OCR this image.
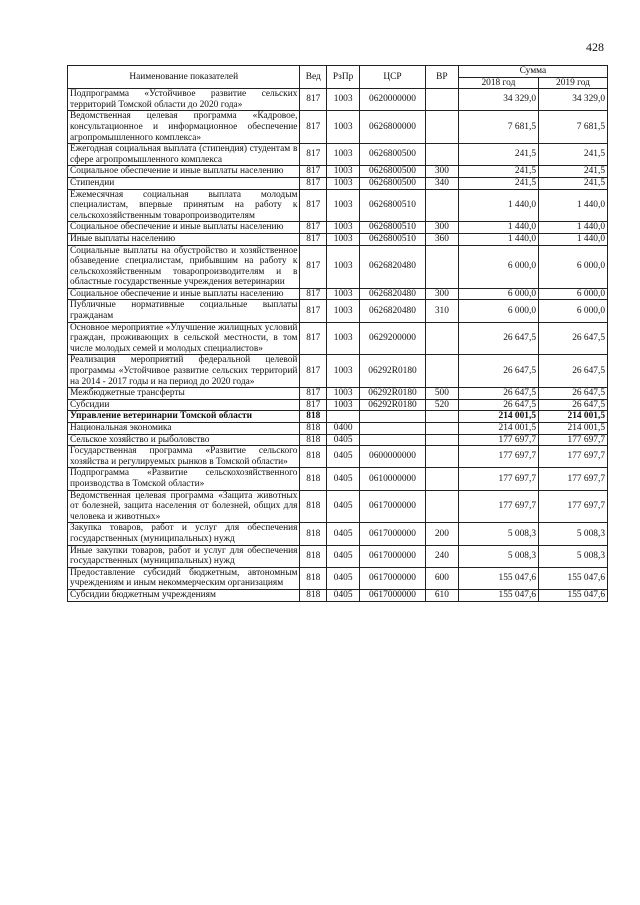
428
Наименование показателей	Вед	РзПр	ЦСР	ВР	Сумма	
					2018 год	2019 год
Подпрограмма «Устойчивое развитие сельских территорий Томской области до 2020 года»	817	1003	0620000000		34 329,0	34 329,0
Ведомственная целевая программа «Кадровое, консультационное и информационное обеспечение агропромышленного комплекса»	817	1003	0626800000		7 681,5	7 681,5
Ежегодная социальная выплата (стипендия) студентам в сфере агропромышленного комплекса	817	1003	0626800500		241,5	241,5
Социальное обеспечение и иные выплаты населению	817	1003	0626800500	300	241,5	241,5
Стипендии	817	1003	0626800500	340	241,5	241,5
Ежемесячная социальная выплата молодым специалистам, впервые принятым на работу к сельскохозяйственным товаропроизводителям	817	1003	0626800510		1 440,0	1 440,0
Социальное обеспечение и иные выплаты населению	817	1003	0626800510	300	1 440,0	1 440,0
Иные выплаты населению	817	1003	0626800510	360	1 440,0	1 440,0
Социальные выплаты на обустройство и хозяйственное обзаведение специалистам, прибывшим на работу к сельскохозяйственным товаропроизводителям и в областные государственные учреждения ветеринарии	817	1003	0626820480		6 000,0	6 000,0
Социальное обеспечение и иные выплаты населению	817	1003	0626820480	300	6 000,0	6 000,0
Публичные нормативные социальные выплаты гражданам	817	1003	0626820480	310	6 000,0	6 000,0
Основное мероприятие «Улучшение жилищных условий граждан, проживающих в сельской местности, в том числе молодых семей и молодых специалистов»	817	1003	0629200000		26 647,5	26 647,5
Реализация мероприятий федеральной целевой программы «Устойчивое развитие сельских территорий на 2014 - 2017 годы и на период до 2020 года»	817	1003	06292R0180		26 647,5	26 647,5
Межбюджетные трансферты	817	1003	06292R0180	500	26 647,5	26 647,5
Субсидии	817	1003	06292R0180	520	26 647,5	26 647,5
Управление ветеринарии Томской области	818				214 001,5	214 001,5
Национальная экономика	818	0400			214 001,5	214 001,5
Сельское хозяйство и рыболовство	818	0405			177 697,7	177 697,7
Государственная программа «Развитие сельского хозяйства и регулируемых рынков в Томской области»	818	0405	0600000000		177 697,7	177 697,7
Подпрограмма «Развитие сельскохозяйственного производства в Томской области»	818	0405	0610000000		177 697,7	177 697,7
Ведомственная целевая программа «Защита животных от болезней, защита населения от болезней, общих для человека и животных»	818	0405	0617000000		177 697,7	177 697,7
Закупка товаров, работ и услуг для обеспечения государственных (муниципальных) нужд	818	0405	0617000000	200	5 008,3	5 008,3
Иные закупки товаров, работ и услуг для обеспечения государственных (муниципальных) нужд	818	0405	0617000000	240	5 008,3	5 008,3
Предоставление субсидий бюджетным, автономным учреждениям и иным некоммерческим организациям	818	0405	0617000000	600	155 047,6	155 047,6
Субсидии бюджетным учреждениям	818	0405	0617000000	610	155 047,6	155 047,6
